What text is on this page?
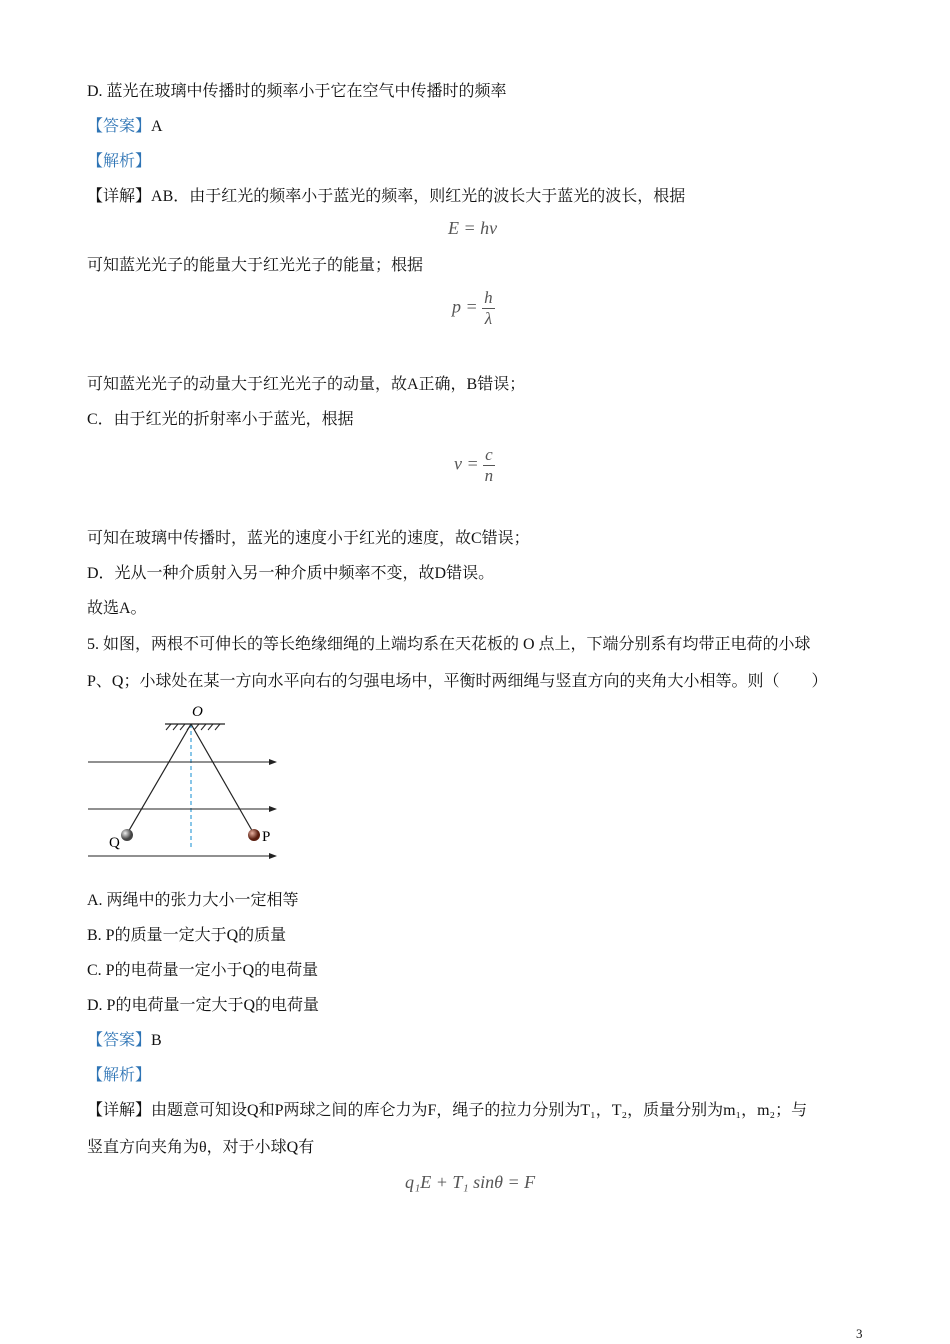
D. 蓝光在玻璃中传播时的频率小于它在空气中传播时的频率
【答案】A
【解析】
【详解】AB．由于红光的频率小于蓝光的频率，则红光的波长大于蓝光的波长，根据
E = hν
可知蓝光光子的能量大于红光光子的能量；根据
$p = \frac{h}{\lambda}$
可知蓝光光子的动量大于红光光子的动量，故A正确，B错误；
C．由于红光的折射率小于蓝光，根据
$v = \frac{c}{n}$
可知在玻璃中传播时，蓝光的速度小于红光的速度，故C错误；
D．光从一种介质射入另一种介质中频率不变，故D错误。
故选A。
5. 如图，两根不可伸长的等长绝缘细绳的上端均系在天花板的 O 点上，下端分别系有均带正电荷的小球
P、Q；小球处在某一方向水平向右的匀强电场中，平衡时两细绳与竖直方向的夹角大小相等。则（　　）
O
Q	P
A. 两绳中的张力大小一定相等
B. P的质量一定大于Q的质量
C. P的电荷量一定小于Q的电荷量
D. P的电荷量一定大于Q的电荷量
【答案】B
【解析】
【详解】由题意可知设Q和P两球之间的库仑力为F，绳子的拉力分别为T₁，T₂，质量分别为m₁，m₂；与
竖直方向夹角为θ，对于小球Q有
q₁E + T₁ sinθ = F
3
